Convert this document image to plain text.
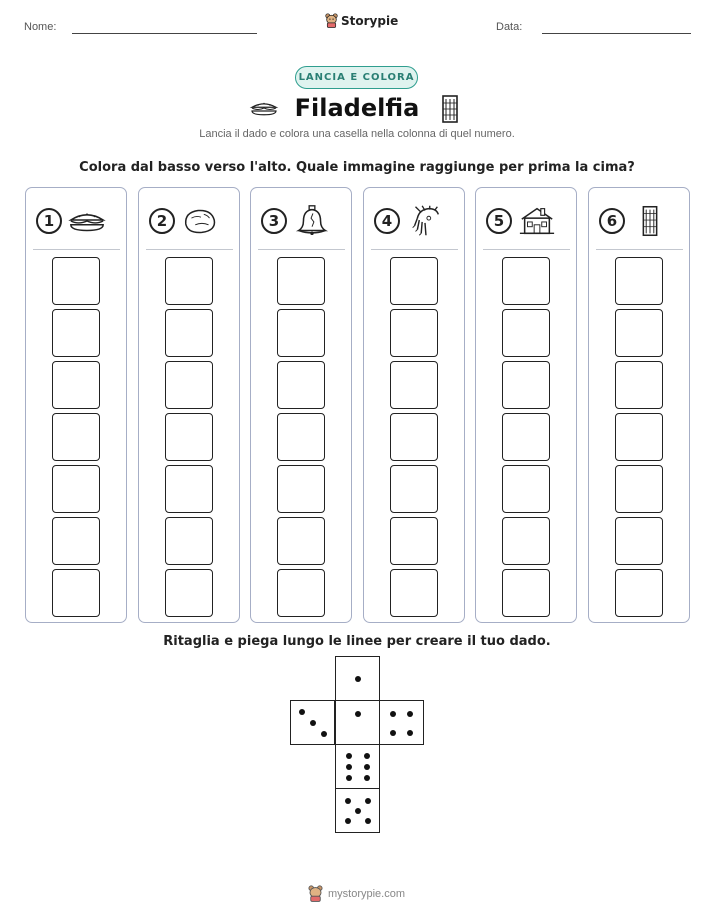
Nome:	Data:
Storypie
LANCIA E COLORA
Filadelfia
Lancia il dado e colora una casella nella colonna di quel numero.
Colora dal basso verso l'alto. Quale immagine raggiunge per prima la cima?
1	2	3	4	5	6
Ritaglia e piega lungo le linee per creare il tuo dado.
mystorypie.com
